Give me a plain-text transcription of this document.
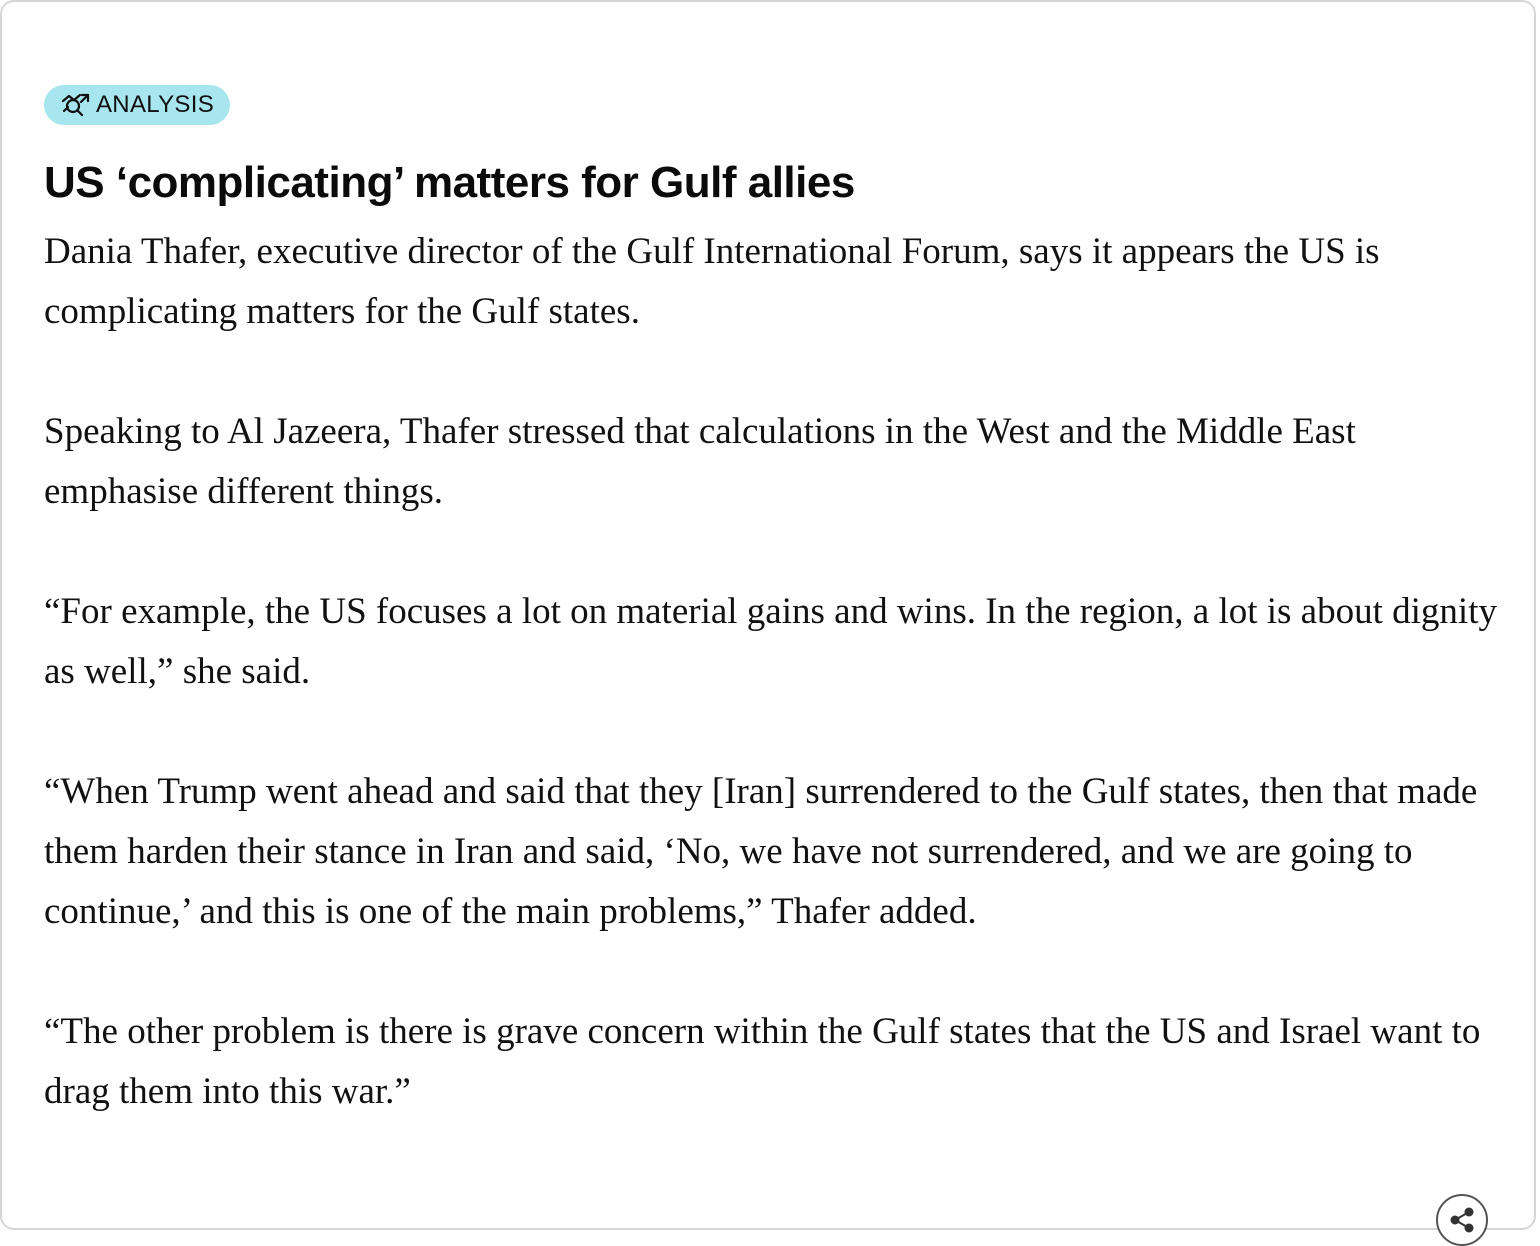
ANALYSIS
US ‘complicating’ matters for Gulf allies

Dania Thafer, executive director of the Gulf International Forum, says it appears the US is complicating matters for the Gulf states.

Speaking to Al Jazeera, Thafer stressed that calculations in the West and the Middle East emphasise different things.

“For example, the US focuses a lot on material gains and wins. In the region, a lot is about dignity as well,” she said.

“When Trump went ahead and said that they [Iran] surrendered to the Gulf states, then that made them harden their stance in Iran and said, ‘No, we have not surrendered, and we are going to continue,’ and this is one of the main problems,” Thafer added.

“The other problem is there is grave concern within the Gulf states that the US and Israel want to drag them into this war.”
